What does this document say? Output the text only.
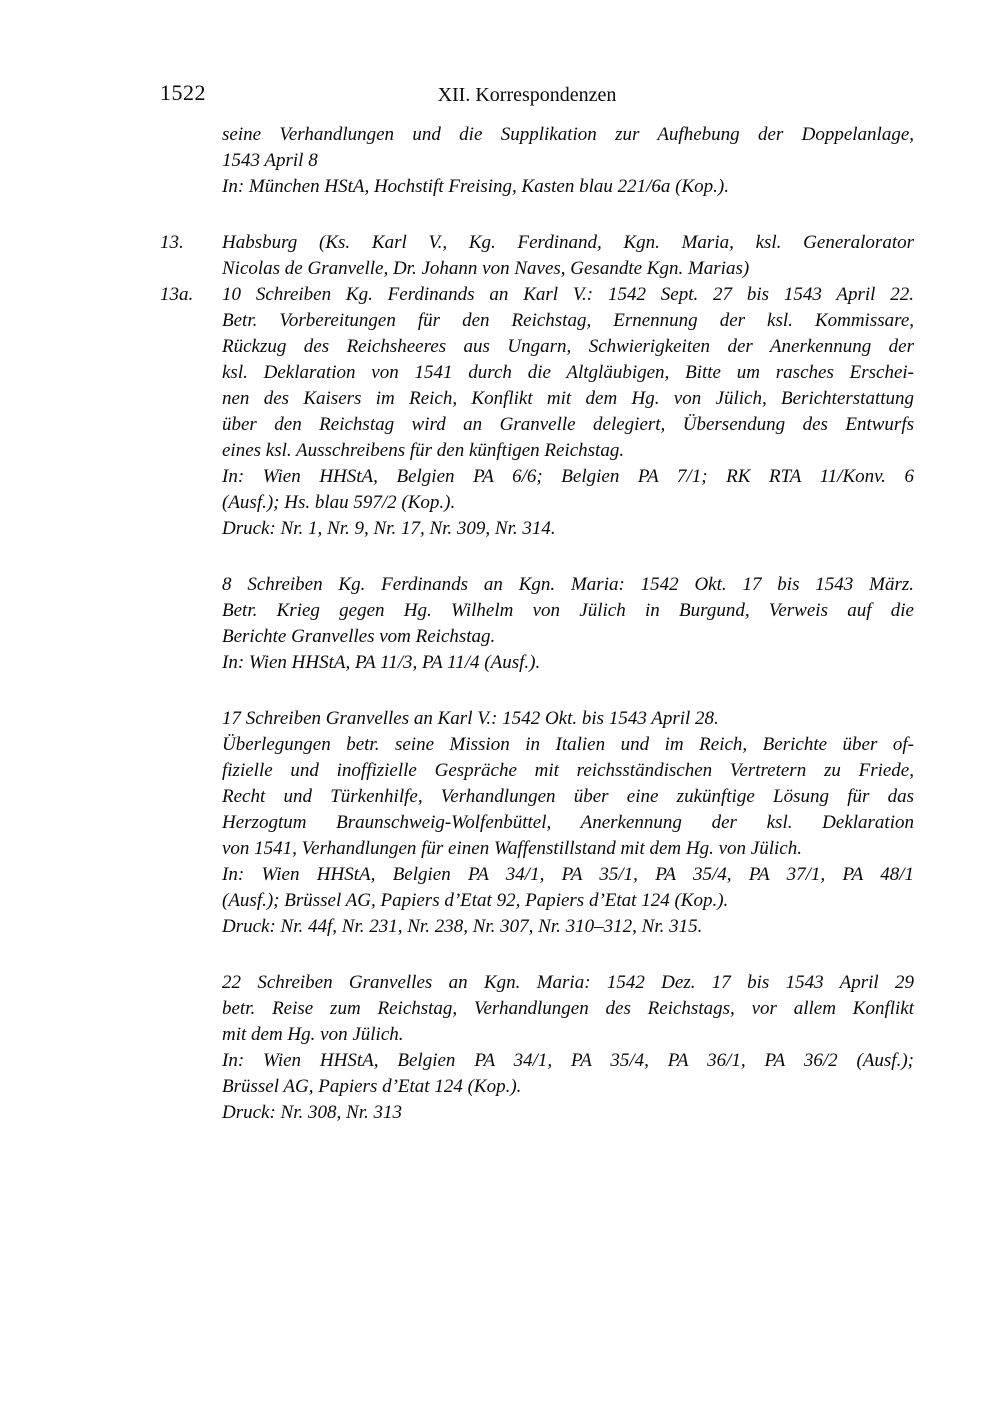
1522	XII. Korrespondenzen
seine Verhandlungen und die Supplikation zur Aufhebung der Doppelanlage,
1543 April 8
In: München HStA, Hochstift Freising, Kasten blau 221/6a (Kop.).
13.	Habsburg (Ks. Karl V., Kg. Ferdinand, Kgn. Maria, ksl. Generalorator
Nicolas de Granvelle, Dr. Johann von Naves, Gesandte Kgn. Marias)
13a.	10 Schreiben Kg. Ferdinands an Karl V.: 1542 Sept. 27 bis 1543 April 22.
Betr. Vorbereitungen für den Reichstag, Ernennung der ksl. Kommissare,
Rückzug des Reichsheeres aus Ungarn, Schwierigkeiten der Anerkennung der
ksl. Deklaration von 1541 durch die Altgläubigen, Bitte um rasches Erschei-
nen des Kaisers im Reich, Konflikt mit dem Hg. von Jülich, Berichterstattung
über den Reichstag wird an Granvelle delegiert, Übersendung des Entwurfs
eines ksl. Ausschreibens für den künftigen Reichstag.
In: Wien HHStA, Belgien PA 6/6; Belgien PA 7/1; RK RTA 11/Konv. 6
(Ausf.); Hs. blau 597/2 (Kop.).
Druck: Nr. 1, Nr. 9, Nr. 17, Nr. 309, Nr. 314.
8 Schreiben Kg. Ferdinands an Kgn. Maria: 1542 Okt. 17 bis 1543 März.
Betr. Krieg gegen Hg. Wilhelm von Jülich in Burgund, Verweis auf die
Berichte Granvelles vom Reichstag.
In: Wien HHStA, PA 11/3, PA 11/4 (Ausf.).
17 Schreiben Granvelles an Karl V.: 1542 Okt. bis 1543 April 28.
Überlegungen betr. seine Mission in Italien und im Reich, Berichte über of-
fizielle und inoffizielle Gespräche mit reichsständischen Vertretern zu Friede,
Recht und Türkenhilfe, Verhandlungen über eine zukünftige Lösung für das
Herzogtum Braunschweig-Wolfenbüttel, Anerkennung der ksl. Deklaration
von 1541, Verhandlungen für einen Waffenstillstand mit dem Hg. von Jülich.
In: Wien HHStA, Belgien PA 34/1, PA 35/1, PA 35/4, PA 37/1, PA 48/1
(Ausf.); Brüssel AG, Papiers d’Etat 92, Papiers d’Etat 124 (Kop.).
Druck: Nr. 44f, Nr. 231, Nr. 238, Nr. 307, Nr. 310–312, Nr. 315.
22 Schreiben Granvelles an Kgn. Maria: 1542 Dez. 17 bis 1543 April 29
betr. Reise zum Reichstag, Verhandlungen des Reichstags, vor allem Konflikt
mit dem Hg. von Jülich.
In: Wien HHStA, Belgien PA 34/1, PA 35/4, PA 36/1, PA 36/2 (Ausf.);
Brüssel AG, Papiers d’Etat 124 (Kop.).
Druck: Nr. 308, Nr. 313
